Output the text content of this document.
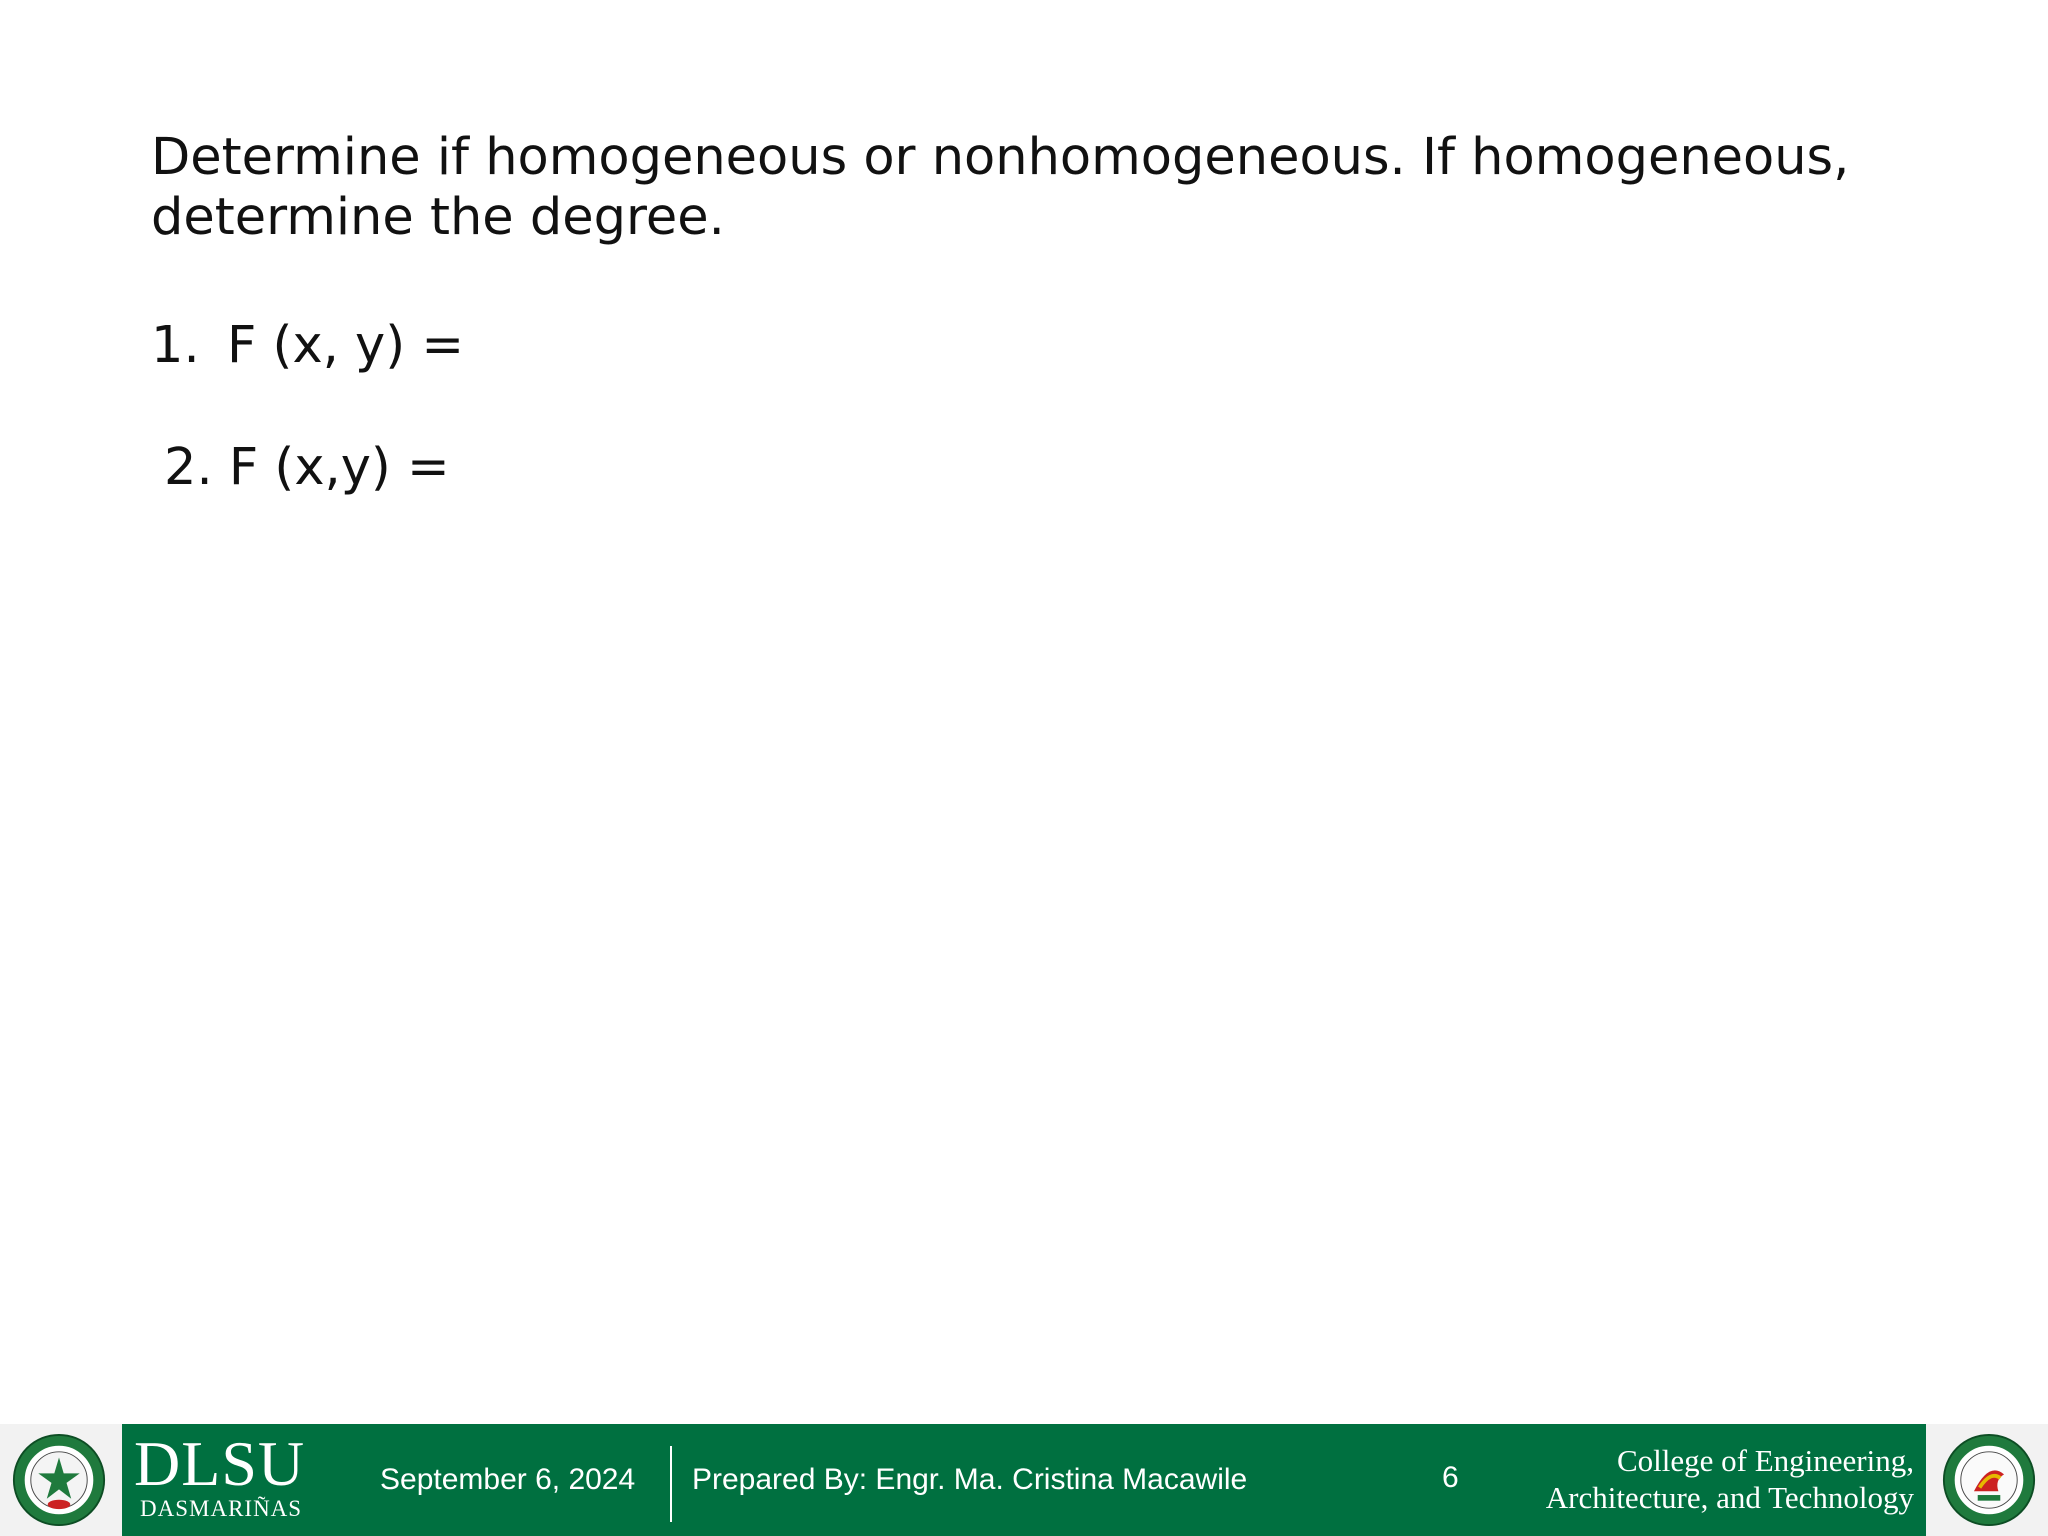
Determine if homogeneous or nonhomogeneous. If homogeneous,
determine the degree.
1. F (x, y) =
2. F (x,y) =
DLSU
DASMARIÑAS
September 6, 2024 Prepared By: Engr. Ma. Cristina Macawile	6	College of Engineering,
Architecture, and Technology
